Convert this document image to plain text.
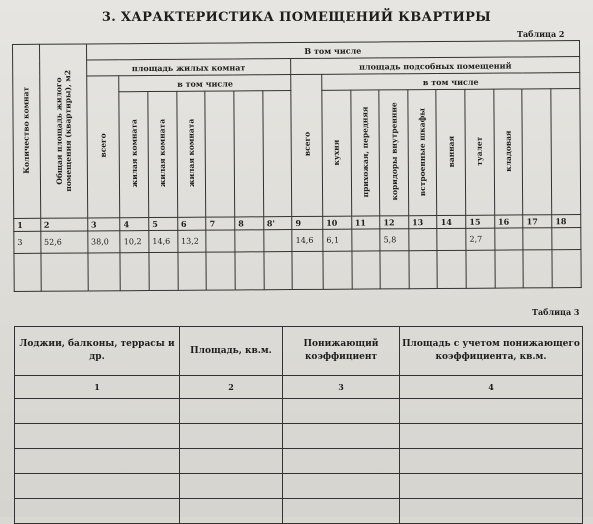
3. ХАРАКТЕРИСТИКА ПОМЕЩЕНИЙ КВАРТИРЫ
Таблица 2
Количество комнат	Общая площадь жилого помещения (квартиры), м2	В том числе																
		площадь жилых комнат							площадь подсобных помещений									
		всего	в том числе						всего	в том числе								
			жилая комната	жилая комната	жилая комната					кухня	прихожая, передняя	коридоры внутренние	встроенные шкафы	ванная	туалет	кладовая		
1	2	3	4	5	6	7	8	8'	9	10	11	12	13	14	15	16	17	18
3	52,6	38,0	10,2	14,6	13,2				14,6	6,1		5,8			2,7			

Таблица 3
Лоджии, балконы, террасы и др.	Площадь, кв.м.	Понижающий коэффициент	Площадь с учетом понижающего коэффициента, кв.м.
1	2	3	4
